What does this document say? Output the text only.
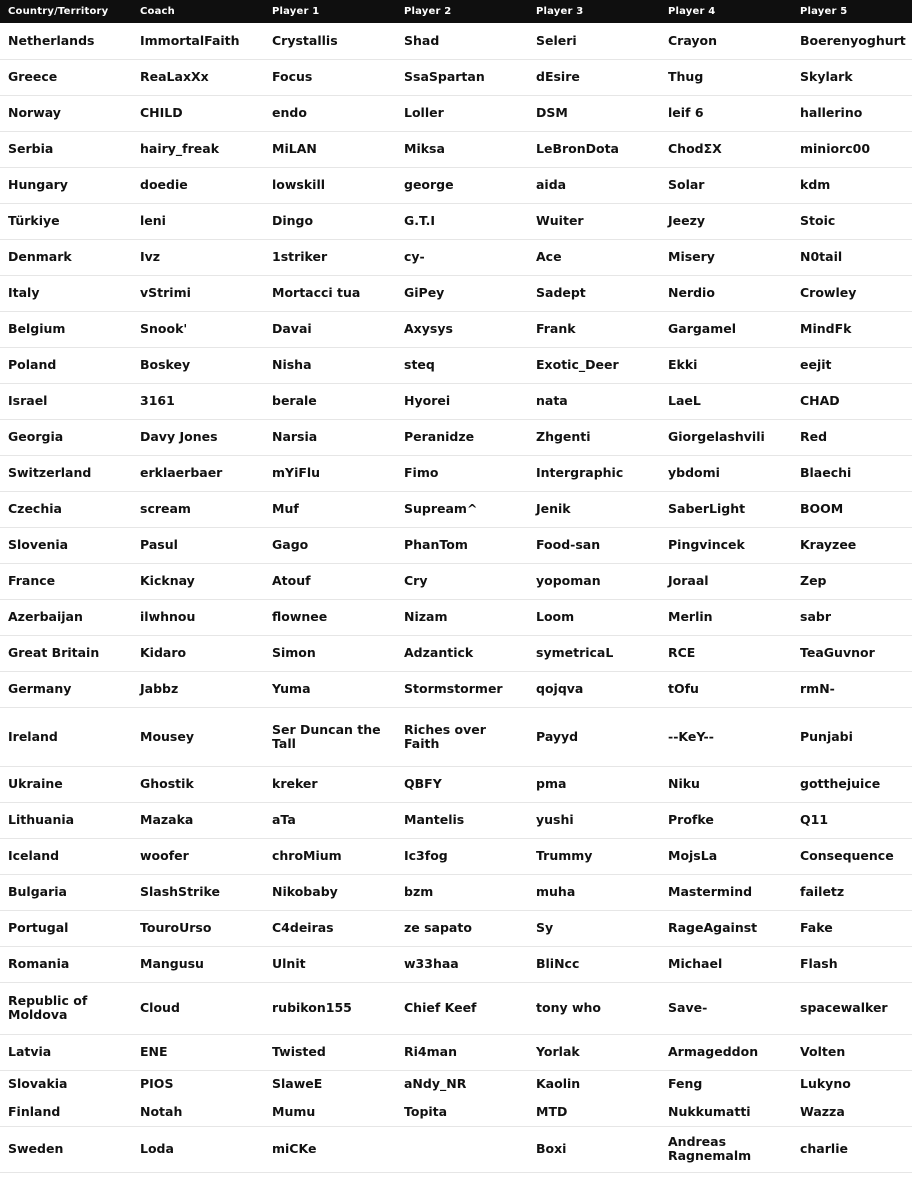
Country/Territory	Coach	Player 1	Player 2	Player 3	Player 4	Player 5
Netherlands	ImmortalFaith	Crystallis	Shad	Seleri	Crayon	Boerenyoghurt
Greece	ReaLaxXx	Focus	SsaSpartan	dEsire	Thug	Skylark
Norway	CHILD	endo	Loller	DSM	leif 6	hallerino
Serbia	hairy_freak	MiLAN	Miksa	LeBronDota	ChodΣX	miniorc00
Hungary	doedie	lowskill	george	aida	Solar	kdm
Türkiye	leni	Dingo	G.T.I	Wuiter	Jeezy	Stoic
Denmark	Ivz	1striker	cy-	Ace	Misery	N0tail
Italy	vStrimi	Mortacci tua	GiPey	Sadept	Nerdio	Crowley
Belgium	Snook'	Davai	Axysys	Frank	Gargamel	MindFk
Poland	Boskey	Nisha	steq	Exotic_Deer	Ekki	eejit
Israel	3161	berale	Hyorei	nata	LaeL	CHAD
Georgia	Davy Jones	Narsia	Peranidze	Zhgenti	Giorgelashvili	Red
Switzerland	erklaerbaer	mYiFlu	Fimo	Intergraphic	ybdomi	Blaechi
Czechia	scream	Muf	Supream^	Jenik	SaberLight	BOOM
Slovenia	Pasul	Gago	PhanTom	Food-san	Pingvincek	Krayzee
France	Kicknay	Atouf	Cry	yopoman	Joraal	Zep
Azerbaijan	ilwhnou	flownee	Nizam	Loom	Merlin	sabr
Great Britain	Kidaro	Simon	Adzantick	symetricaL	RCE	TeaGuvnor
Germany	Jabbz	Yuma	Stormstormer	qojqva	tOfu	rmN-
Ireland	Mousey	Ser Duncan the Tall	Riches over Faith	Payyd	--KeY--	Punjabi
Ukraine	Ghostik	kreker	QBFY	pma	Niku	gotthejuice
Lithuania	Mazaka	aTa	Mantelis	yushi	Profke	Q11
Iceland	woofer	chroMium	Ic3fog	Trummy	MojsLa	Consequence
Bulgaria	SlashStrike	Nikobaby	bzm	muha	Mastermind	failetz
Portugal	TouroUrso	C4deiras	ze sapato	Sy	RageAgainst	Fake
Romania	Mangusu	Ulnit	w33haa	BliNcc	Michael	Flash
Republic of Moldova	Cloud	rubikon155	Chief Keef	tony who	Save-	spacewalker
Latvia	ENE	Twisted	Ri4man	Yorlak	Armageddon	Volten
Slovakia	PIOS	SlaweE	aNdy_NR	Kaolin	Feng	Lukyno
Finland	Notah	Mumu	Topita	MTD	Nukkumatti	Wazza
Sweden	Loda	miCKe		Boxi	Andreas Ragnemalm	charlie
